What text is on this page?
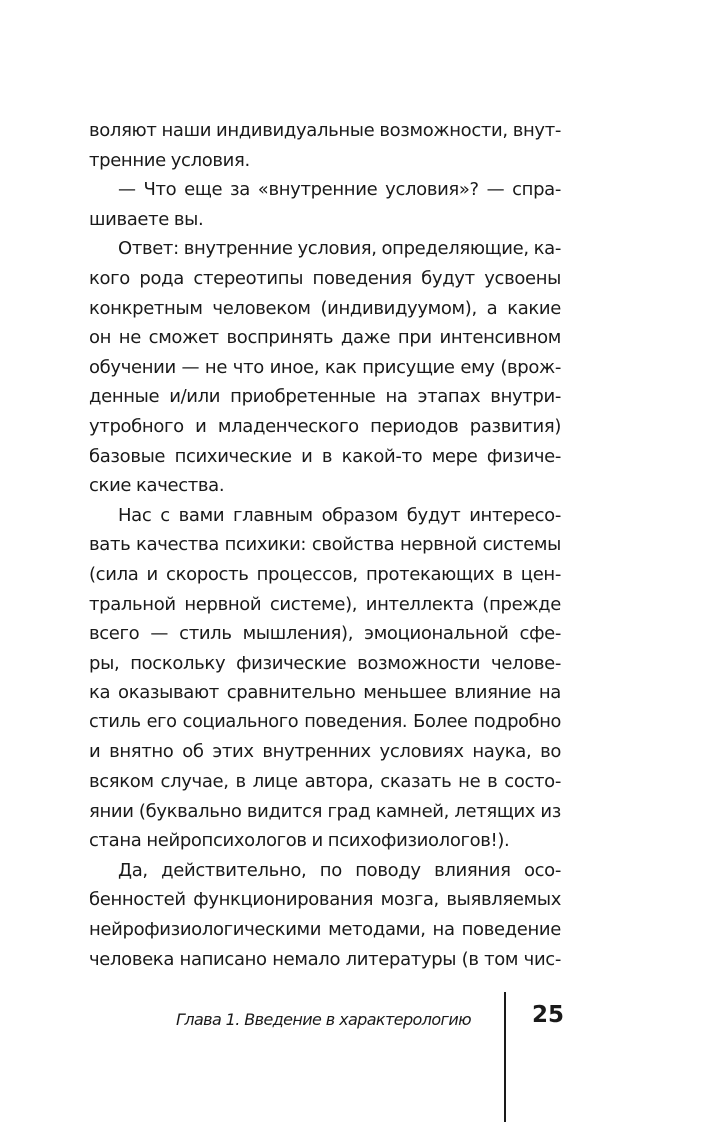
воляют наши индивидуальные возможности, внут-
тренние условия.
— Что еще за «внутренние условия»? — спра-
шиваете вы.
Ответ: внутренние условия, определяющие, ка-
кого рода стереотипы поведения будут усвоены
конкретным человеком (индивидуумом), а какие
он не сможет воспринять даже при интенсивном
обучении — не что иное, как присущие ему (врож-
денные и/или приобретенные на этапах внутри-
утробного и младенческого периодов развития)
базовые психические и в какой-то мере физиче-
ские качества.
Нас с вами главным образом будут интересо-
вать качества психики: свойства нервной системы
(сила и скорость процессов, протекающих в цен-
тральной нервной системе), интеллекта (прежде
всего — стиль мышления), эмоциональной сфе-
ры, поскольку физические возможности челове-
ка оказывают сравнительно меньшее влияние на
стиль его социального поведения. Более подробно
и внятно об этих внутренних условиях наука, во
всяком случае, в лице автора, сказать не в состо-
янии (буквально видится град камней, летящих из
стана нейропсихологов и психофизиологов!).
Да, действительно, по поводу влияния осо-
бенностей функционирования мозга, выявляемых
нейрофизиологическими методами, на поведение
человека написано немало литературы (в том чис-
Глава 1. Введение в характерологию	25
